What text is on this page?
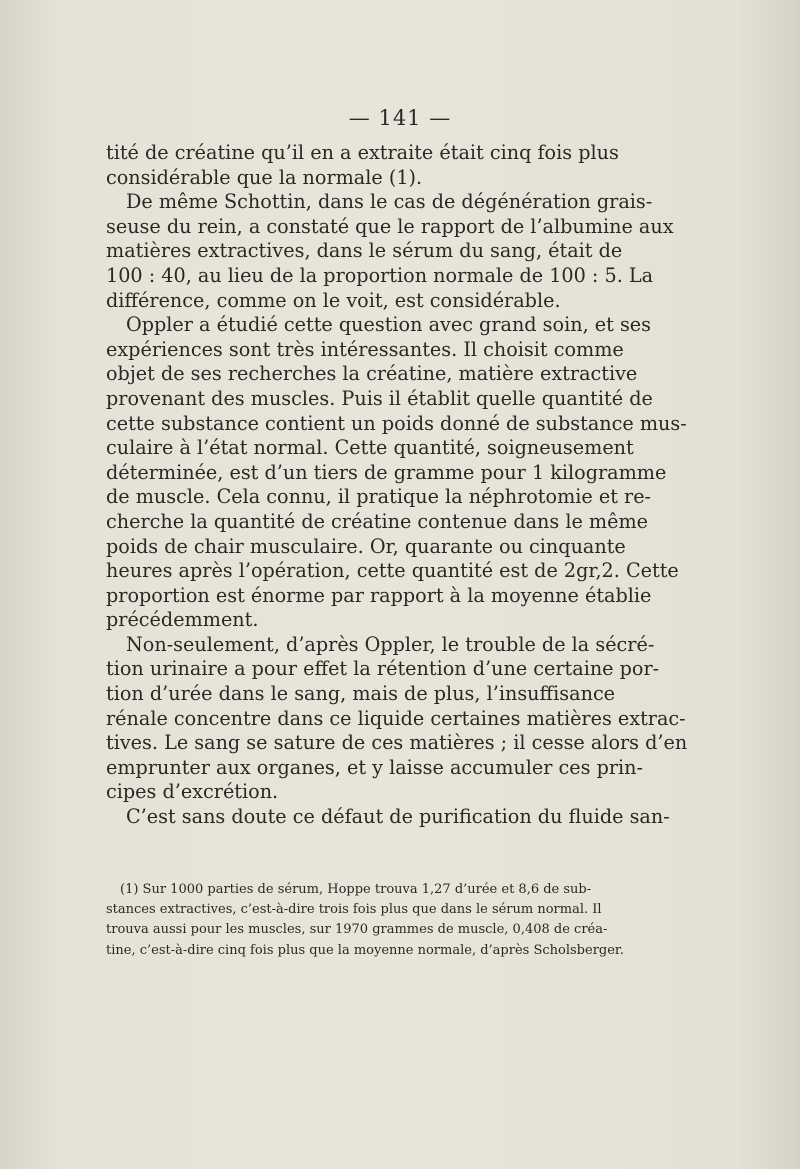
— 141 —
tité de créatine qu’il en a extraite était cinq fois plus
considérable que la normale (1).
De même Schottin, dans le cas de dégénération grais-
seuse du rein, a constaté que le rapport de l’albumine aux
matières extractives, dans le sérum du sang, était de
100 : 40, au lieu de la proportion normale de 100 : 5. La
différence, comme on le voit, est considérable.
Oppler a étudié cette question avec grand soin, et ses
expériences sont très intéressantes. Il choisit comme
objet de ses recherches la créatine, matière extractive
provenant des muscles. Puis il établit quelle quantité de
cette substance contient un poids donné de substance mus-
culaire à l’état normal. Cette quantité, soigneusement
déterminée, est d’un tiers de gramme pour 1 kilogramme
de muscle. Cela connu, il pratique la néphrotomie et re-
cherche la quantité de créatine contenue dans le même
poids de chair musculaire. Or, quarante ou cinquante
heures après l’opération, cette quantité est de 2gr,2. Cette
proportion est énorme par rapport à la moyenne établie
précédemment.
Non-seulement, d’après Oppler, le trouble de la sécré-
tion urinaire a pour effet la rétention d’une certaine por-
tion d’urée dans le sang, mais de plus, l’insuffisance
rénale concentre dans ce liquide certaines matières extrac-
tives. Le sang se sature de ces matières ; il cesse alors d’en
emprunter aux organes, et y laisse accumuler ces prin-
cipes d’excrétion.
C’est sans doute ce défaut de purification du fluide san-
(1) Sur 1000 parties de sérum, Hoppe trouva 1,27 d’urée et 8,6 de sub-
stances extractives, c’est-à-dire trois fois plus que dans le sérum normal. Il
trouva aussi pour les muscles, sur 1970 grammes de muscle, 0,408 de créa-
tine, c’est-à-dire cinq fois plus que la moyenne normale, d’après Scholsberger.
